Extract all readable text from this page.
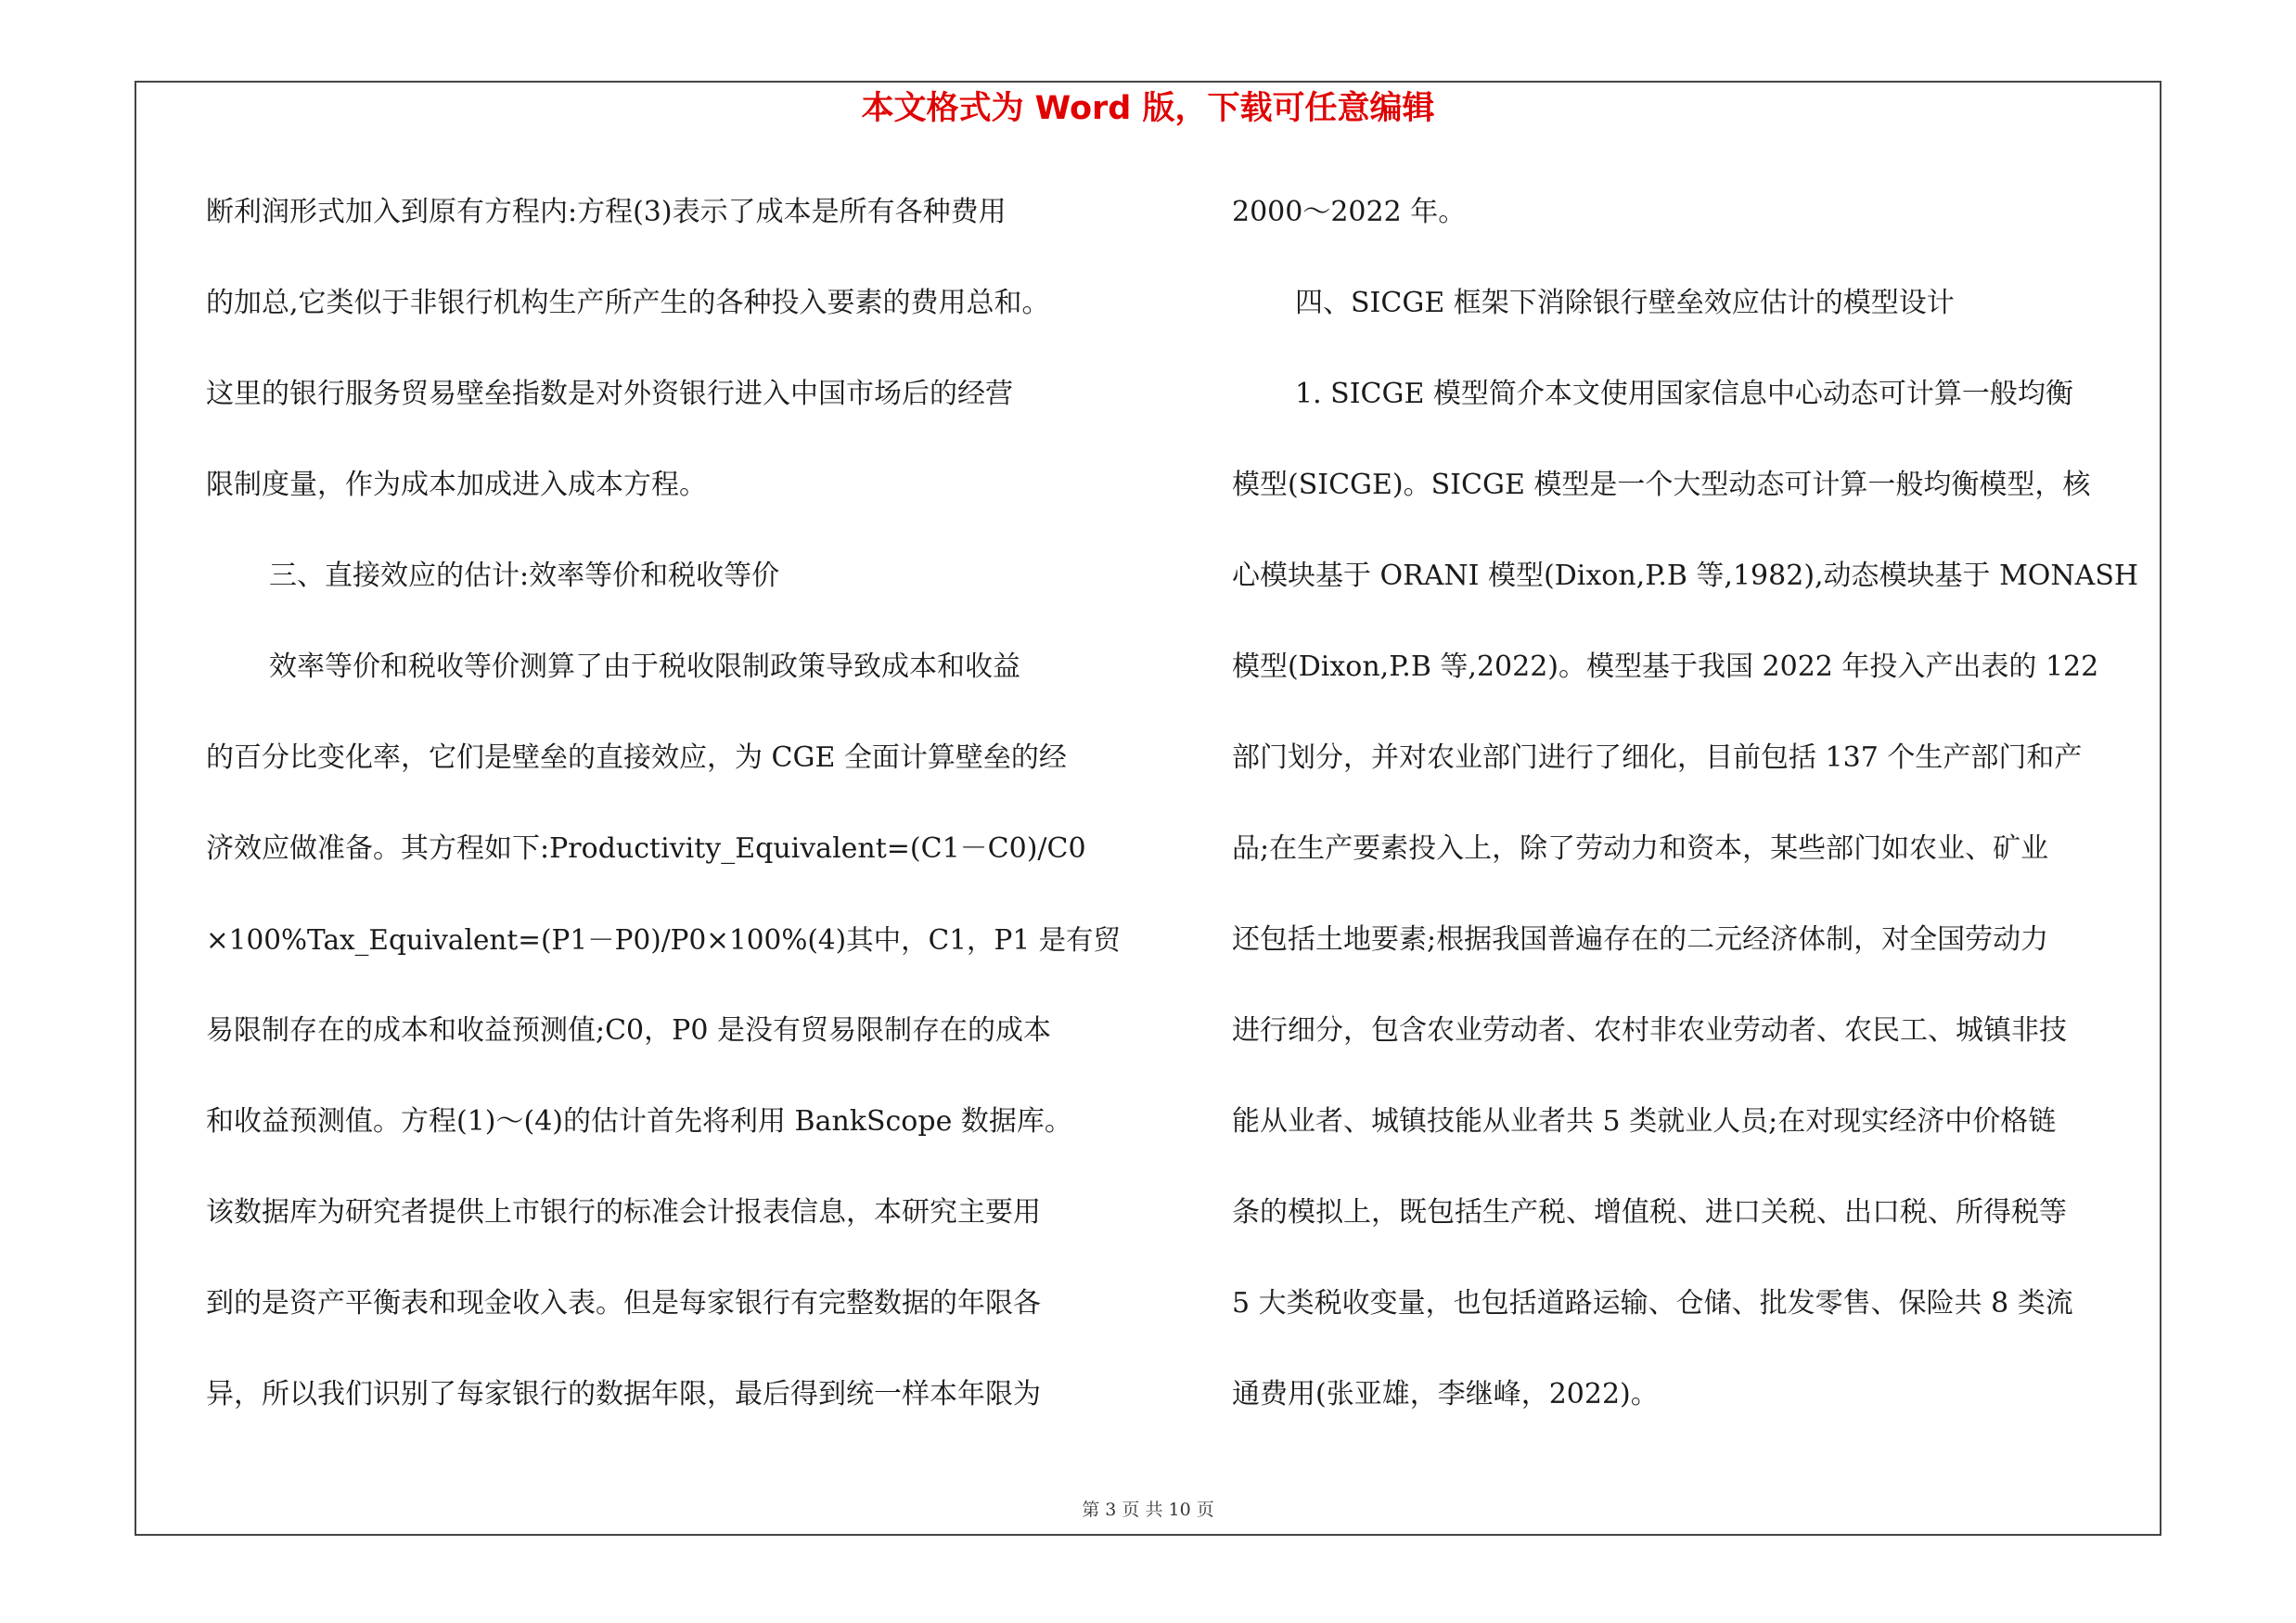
本文格式为 Word 版，下载可任意编辑
断利润形式加入到原有方程内:方程(3)表示了成本是所有各种费用
的加总,它类似于非银行机构生产所产生的各种投入要素的费用总和。
这里的银行服务贸易壁垒指数是对外资银行进入中国市场后的经营
限制度量，作为成本加成进入成本方程。
三、直接效应的估计:效率等价和税收等价
效率等价和税收等价测算了由于税收限制政策导致成本和收益
的百分比变化率，它们是壁垒的直接效应，为 CGE 全面计算壁垒的经
济效应做准备。其方程如下:Productivity_Equivalent=(C1－C0)/C0
×100%Tax_Equivalent=(P1－P0)/P0×100%(4)其中，C1，P1 是有贸
易限制存在的成本和收益预测值;C0，P0 是没有贸易限制存在的成本
和收益预测值。方程(1)～(4)的估计首先将利用 BankScope 数据库。
该数据库为研究者提供上市银行的标准会计报表信息，本研究主要用
到的是资产平衡表和现金收入表。但是每家银行有完整数据的年限各
异，所以我们识别了每家银行的数据年限，最后得到统一样本年限为
2000～2022 年。
四、SICGE 框架下消除银行壁垒效应估计的模型设计
1. SICGE 模型简介本文使用国家信息中心动态可计算一般均衡
模型(SICGE)。SICGE 模型是一个大型动态可计算一般均衡模型，核
心模块基于 ORANI 模型(Dixon,P.B 等,1982),动态模块基于 MONASH
模型(Dixon,P.B 等,2022)。模型基于我国 2022 年投入产出表的 122
部门划分，并对农业部门进行了细化，目前包括 137 个生产部门和产
品;在生产要素投入上，除了劳动力和资本，某些部门如农业、矿业
还包括土地要素;根据我国普遍存在的二元经济体制，对全国劳动力
进行细分，包含农业劳动者、农村非农业劳动者、农民工、城镇非技
能从业者、城镇技能从业者共 5 类就业人员;在对现实经济中价格链
条的模拟上，既包括生产税、增值税、进口关税、出口税、所得税等
5 大类税收变量，也包括道路运输、仓储、批发零售、保险共 8 类流
通费用(张亚雄，李继峰，2022)。
第 3 页 共 10 页
